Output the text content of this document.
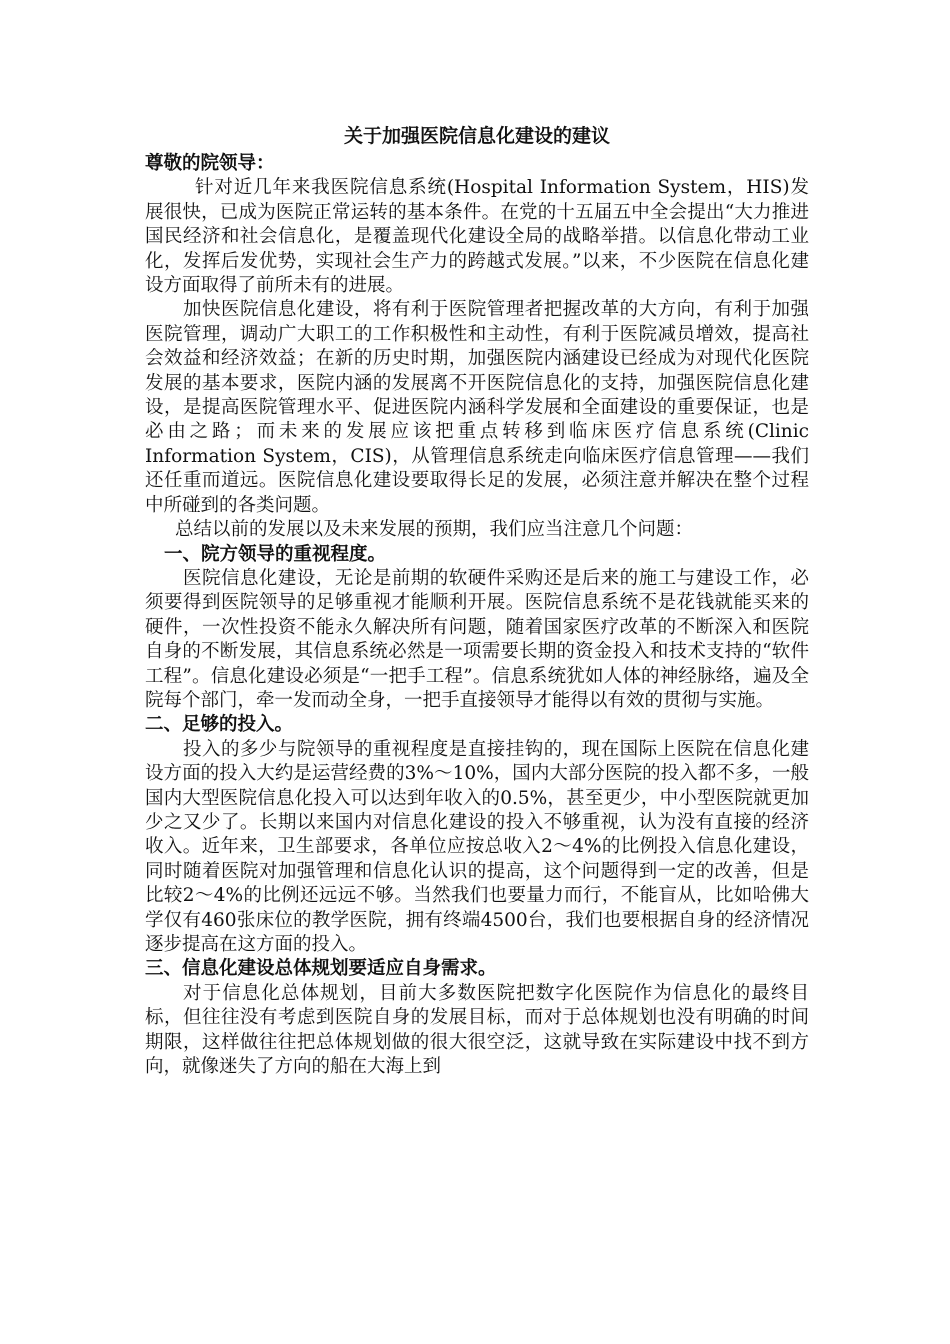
关于加强医院信息化建设的建议

尊敬的院领导：

针对近几年来我医院信息系统(Hospital Information System，HIS)发展很快，已成为医院正常运转的基本条件。在党的十五届五中全会提出“大力推进国民经济和社会信息化，是覆盖现代化建设全局的战略举措。以信息化带动工业化，发挥后发优势，实现社会生产力的跨越式发展。”以来，不少医院在信息化建设方面取得了前所未有的进展。

加快医院信息化建设，将有利于医院管理者把握改革的大方向，有利于加强医院管理，调动广大职工的工作积极性和主动性，有利于医院减员增效，提高社会效益和经济效益；在新的历史时期，加强医院内涵建设已经成为对现代化医院发展的基本要求，医院内涵的发展离不开医院信息化的支持，加强医院信息化建设，是提高医院管理水平、促进医院内涵科学发展和全面建设的重要保证，也是必由之路；而未来的发展应该把重点转移到临床医疗信息系统(Clinic Information System，CIS)，从管理信息系统走向临床医疗信息管理——我们还任重而道远。医院信息化建设要取得长足的发展，必须注意并解决在整个过程中所碰到的各类问题。

总结以前的发展以及未来发展的预期，我们应当注意几个问题：

一、院方领导的重视程度。

医院信息化建设，无论是前期的软硬件采购还是后来的施工与建设工作，必须要得到医院领导的足够重视才能顺利开展。医院信息系统不是花钱就能买来的硬件，一次性投资不能永久解决所有问题，随着国家医疗改革的不断深入和医院自身的不断发展，其信息系统必然是一项需要长期的资金投入和技术支持的“软件工程”。信息化建设必须是“一把手工程”。信息系统犹如人体的神经脉络，遍及全院每个部门，牵一发而动全身，一把手直接领导才能得以有效的贯彻与实施。

二、足够的投入。

投入的多少与院领导的重视程度是直接挂钩的，现在国际上医院在信息化建设方面的投入大约是运营经费的3%～10%，国内大部分医院的投入都不多，一般国内大型医院信息化投入可以达到年收入的0.5%，甚至更少，中小型医院就更加少之又少了。长期以来国内对信息化建设的投入不够重视，认为没有直接的经济收入。近年来，卫生部要求，各单位应按总收入2～4%的比例投入信息化建设，同时随着医院对加强管理和信息化认识的提高，这个问题得到一定的改善，但是比较2～4%的比例还远远不够。当然我们也要量力而行，不能盲从，比如哈佛大学仅有460张床位的教学医院，拥有终端4500台，我们也要根据自身的经济情况逐步提高在这方面的投入。

三、信息化建设总体规划要适应自身需求。

对于信息化总体规划，目前大多数医院把数字化医院作为信息化的最终目标，但往往没有考虑到医院自身的发展目标，而对于总体规划也没有明确的时间期限，这样做往往把总体规划做的很大很空泛，这就导致在实际建设中找不到方向，就像迷失了方向的船在大海上到
